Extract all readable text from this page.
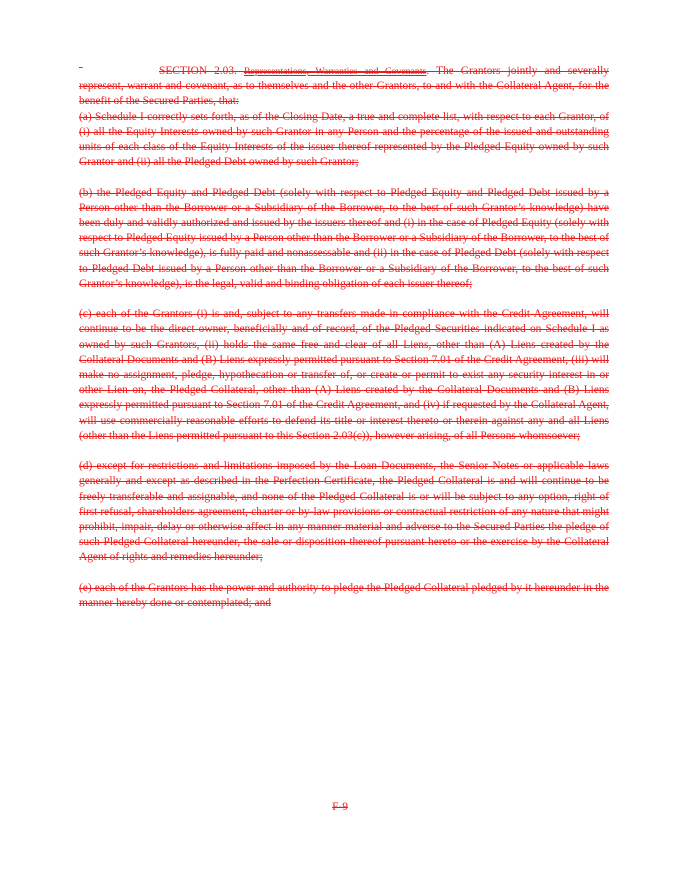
-	SECTION 2.03. Representations, Warranties and Covenants. The Grantors jointly and severally represent, warrant and covenant, as to themselves and the other Grantors, to and with the Collateral Agent, for the benefit of the Secured Parties, that:

(a) Schedule I correctly sets forth, as of the Closing Date, a true and complete list, with respect to each Grantor, of (i) all the Equity Interests owned by such Grantor in any Person and the percentage of the issued and outstanding units of each class of the Equity Interests of the issuer thereof represented by the Pledged Equity owned by such Grantor and (ii) all the Pledged Debt owned by such Grantor;

(b) the Pledged Equity and Pledged Debt (solely with respect to Pledged Equity and Pledged Debt issued by a Person other than the Borrower or a Subsidiary of the Borrower, to the best of such Grantor’s knowledge) have been duly and validly authorized and issued by the issuers thereof and (i) in the case of Pledged Equity (solely with respect to Pledged Equity issued by a Person other than the Borrower or a Subsidiary of the Borrower, to the best of such Grantor’s knowledge), is fully paid and nonassessable and (ii) in the case of Pledged Debt (solely with respect to Pledged Debt issued by a Person other than the Borrower or a Subsidiary of the Borrower, to the best of such Grantor’s knowledge), is the legal, valid and binding obligation of each issuer thereof;

(c) each of the Grantors (i) is and, subject to any transfers made in compliance with the Credit Agreement, will continue to be the direct owner, beneficially and of record, of the Pledged Securities indicated on Schedule I as owned by such Grantors, (ii) holds the same free and clear of all Liens, other than (A) Liens created by the Collateral Documents and (B) Liens expressly permitted pursuant to Section 7.01 of the Credit Agreement, (iii) will make no assignment, pledge, hypothecation or transfer of, or create or permit to exist any security interest in or other Lien on, the Pledged Collateral, other than (A) Liens created by the Collateral Documents and (B) Liens expressly permitted pursuant to Section 7.01 of the Credit Agreement, and (iv) if requested by the Collateral Agent, will use commercially reasonable efforts to defend its title or interest thereto or therein against any and all Liens (other than the Liens permitted pursuant to this Section 2.03(c)), however arising, of all Persons whomsoever;

(d) except for restrictions and limitations imposed by the Loan Documents, the Senior Notes or applicable laws generally and except as described in the Perfection Certificate, the Pledged Collateral is and will continue to be freely transferable and assignable, and none of the Pledged Collateral is or will be subject to any option, right of first refusal, shareholders agreement, charter or by-law provisions or contractual restriction of any nature that might prohibit, impair, delay or otherwise affect in any manner material and adverse to the Secured Parties the pledge of such Pledged Collateral hereunder, the sale or disposition thereof pursuant hereto or the exercise by the Collateral Agent of rights and remedies hereunder;

(e) each of the Grantors has the power and authority to pledge the Pledged Collateral pledged by it hereunder in the manner hereby done or contemplated; and

F-9
